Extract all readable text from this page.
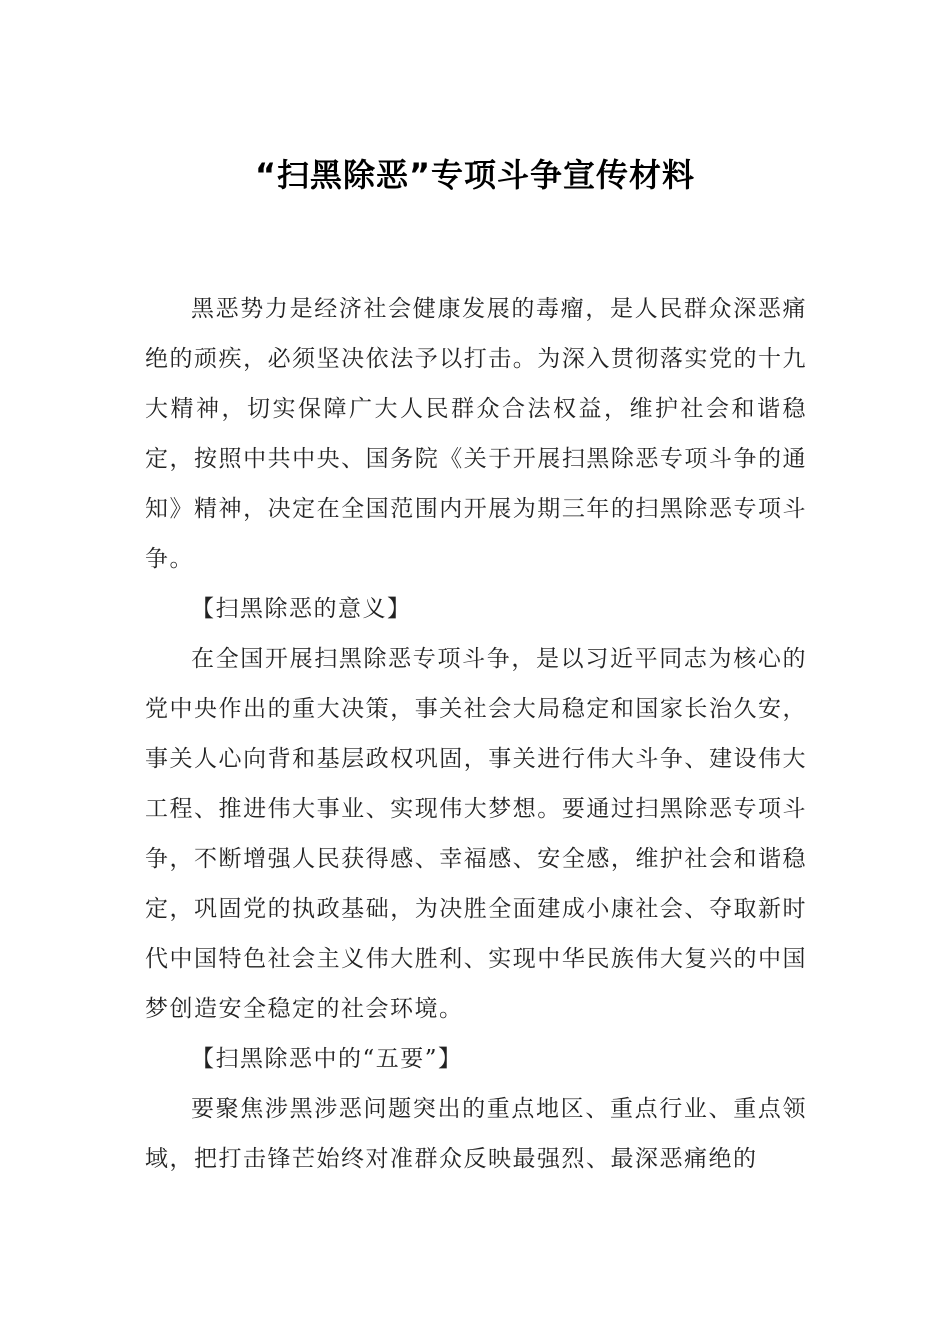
“扫黑除恶”专项斗争宣传材料

黑恶势力是经济社会健康发展的毒瘤，是人民群众深恶痛绝的顽疾，必须坚决依法予以打击。为深入贯彻落实党的十九大精神，切实保障广大人民群众合法权益，维护社会和谐稳定，按照中共中央、国务院《关于开展扫黑除恶专项斗争的通知》精神，决定在全国范围内开展为期三年的扫黑除恶专项斗争。

【扫黑除恶的意义】

在全国开展扫黑除恶专项斗争，是以习近平同志为核心的党中央作出的重大决策，事关社会大局稳定和国家长治久安，事关人心向背和基层政权巩固，事关进行伟大斗争、建设伟大工程、推进伟大事业、实现伟大梦想。要通过扫黑除恶专项斗争，不断增强人民获得感、幸福感、安全感，维护社会和谐稳定，巩固党的执政基础，为决胜全面建成小康社会、夺取新时代中国特色社会主义伟大胜利、实现中华民族伟大复兴的中国梦创造安全稳定的社会环境。

【扫黑除恶中的“五要”】

要聚焦涉黑涉恶问题突出的重点地区、重点行业、重点领域，把打击锋芒始终对准群众反映最强烈、最深恶痛绝的
